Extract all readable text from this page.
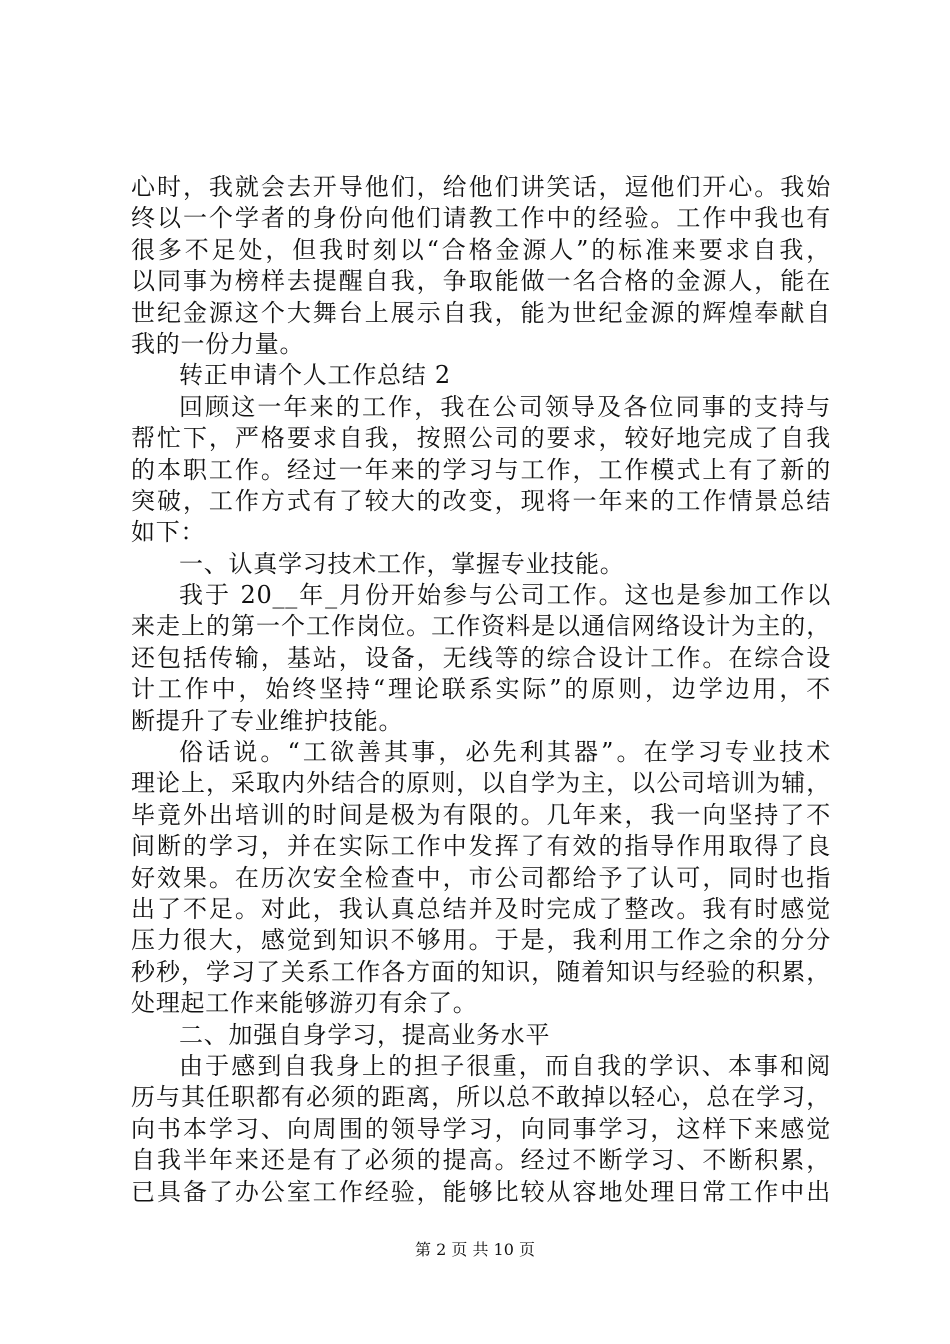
心时，我就会去开导他们，给他们讲笑话，逗他们开心。我始
终以一个学者的身份向他们请教工作中的经验。工作中我也有
很多不足处，但我时刻以“合格金源人”的标准来要求自我，
以同事为榜样去提醒自我，争取能做一名合格的金源人，能在
世纪金源这个大舞台上展示自我，能为世纪金源的辉煌奉献自
我的一份力量。
转正申请个人工作总结 2
回顾这一年来的工作，我在公司领导及各位同事的支持与
帮忙下，严格要求自我，按照公司的要求，较好地完成了自我
的本职工作。经过一年来的学习与工作，工作模式上有了新的
突破，工作方式有了较大的改变，现将一年来的工作情景总结
如下：
一、认真学习技术工作，掌握专业技能。
我于 20__年_月份开始参与公司工作。这也是参加工作以
来走上的第一个工作岗位。工作资料是以通信网络设计为主的，
还包括传输，基站，设备，无线等的综合设计工作。在综合设
计工作中，始终坚持“理论联系实际”的原则，边学边用，不
断提升了专业维护技能。
俗话说。“工欲善其事，必先利其器”。在学习专业技术
理论上，采取内外结合的原则，以自学为主，以公司培训为辅，
毕竟外出培训的时间是极为有限的。几年来，我一向坚持了不
间断的学习，并在实际工作中发挥了有效的指导作用取得了良
好效果。在历次安全检查中，市公司都给予了认可，同时也指
出了不足。对此，我认真总结并及时完成了整改。我有时感觉
压力很大，感觉到知识不够用。于是，我利用工作之余的分分
秒秒，学习了关系工作各方面的知识，随着知识与经验的积累，
处理起工作来能够游刃有余了。
二、加强自身学习，提高业务水平
由于感到自我身上的担子很重，而自我的学识、本事和阅
历与其任职都有必须的距离，所以总不敢掉以轻心，总在学习，
向书本学习、向周围的领导学习，向同事学习，这样下来感觉
自我半年来还是有了必须的提高。经过不断学习、不断积累，
已具备了办公室工作经验，能够比较从容地处理日常工作中出
第 2 页 共 10 页
